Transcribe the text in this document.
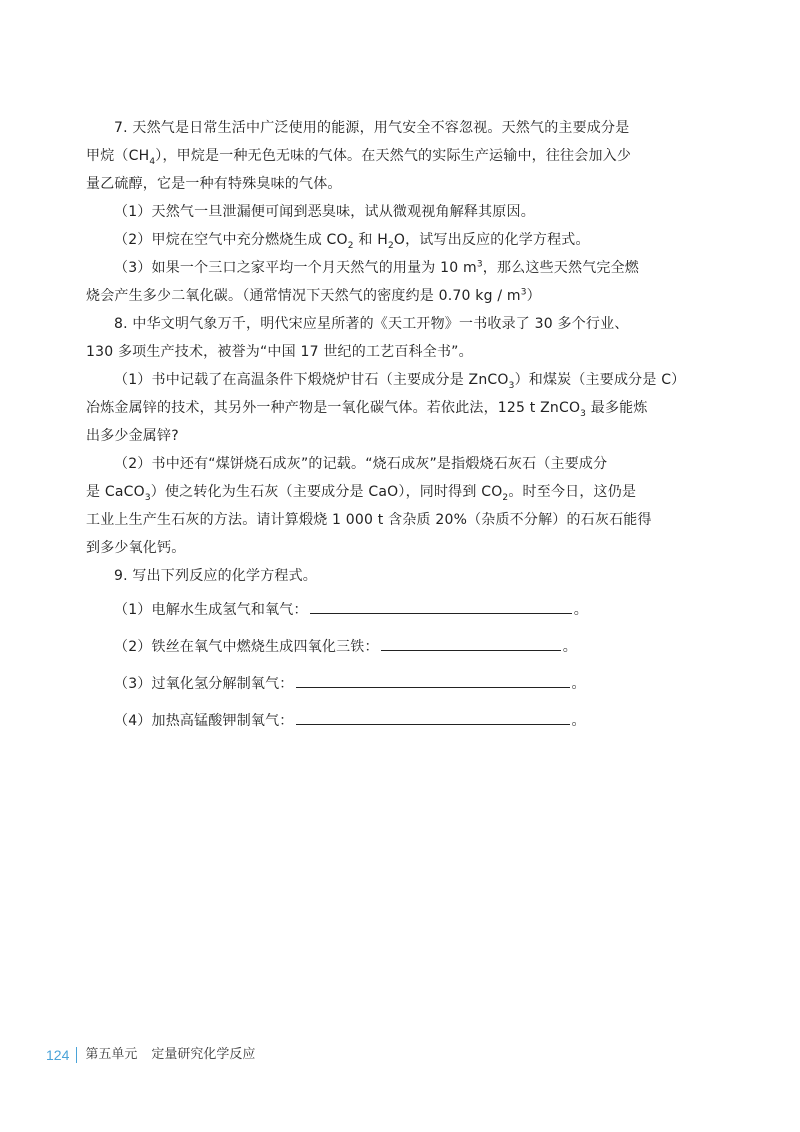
7. 天然气是日常生活中广泛使用的能源，用气安全不容忽视。天然气的主要成分是
甲烷$(CH_4)$，甲烷是一种无色无味的气体。在天然气的实际生产运输中，往往会加入少
量乙硫醇，它是一种有特殊臭味的气体。
（1）天然气一旦泄漏便可闻到恶臭味，试从微观视角解释其原因。
（2）甲烷在空气中充分燃烧生成 $CO_2$ 和 $H_2O$，试写出反应的化学方程式。
（3）如果一个三口之家平均一个月天然气的用量为 10 $m^3$，那么这些天然气完全燃
烧会产生多少二氧化碳。（通常情况下天然气的密度约是 0.70 kg / $m^3$）
8. 中华文明气象万千，明代宋应星所著的《天工开物》一书收录了 30 多个行业、
130 多项生产技术，被誉为“中国 17 世纪的工艺百科全书”。
（1）书中记载了在高温条件下煅烧炉甘石（主要成分是 ZnCO$_3$）和煤炭（主要成分是 C）
冶炼金属锌的技术，其另外一种产物是一氧化碳气体。若依此法，125 t ZnCO$_3$ 最多能炼
出多少金属锌?
（2）书中还有“煤饼烧石成灰”的记载。“烧石成灰”是指煅烧石灰石（主要成分
是 CaCO$_3$）使之转化为生石灰（主要成分是 CaO），同时得到 $CO_2$。时至今日，这仍是
工业上生产生石灰的方法。请计算煅烧 1 000 t 含杂质 20%（杂质不分解）的石灰石能得
到多少氧化钙。
9. 写出下列反应的化学方程式。
（1）电解水生成氢气和氧气：	。
（2）铁丝在氧气中燃烧生成四氧化三铁：	。
（3）过氧化氢分解制氧气：	。
（4）加热高锰酸钾制氧气：	。
124 第五单元 定量研究化学反应
